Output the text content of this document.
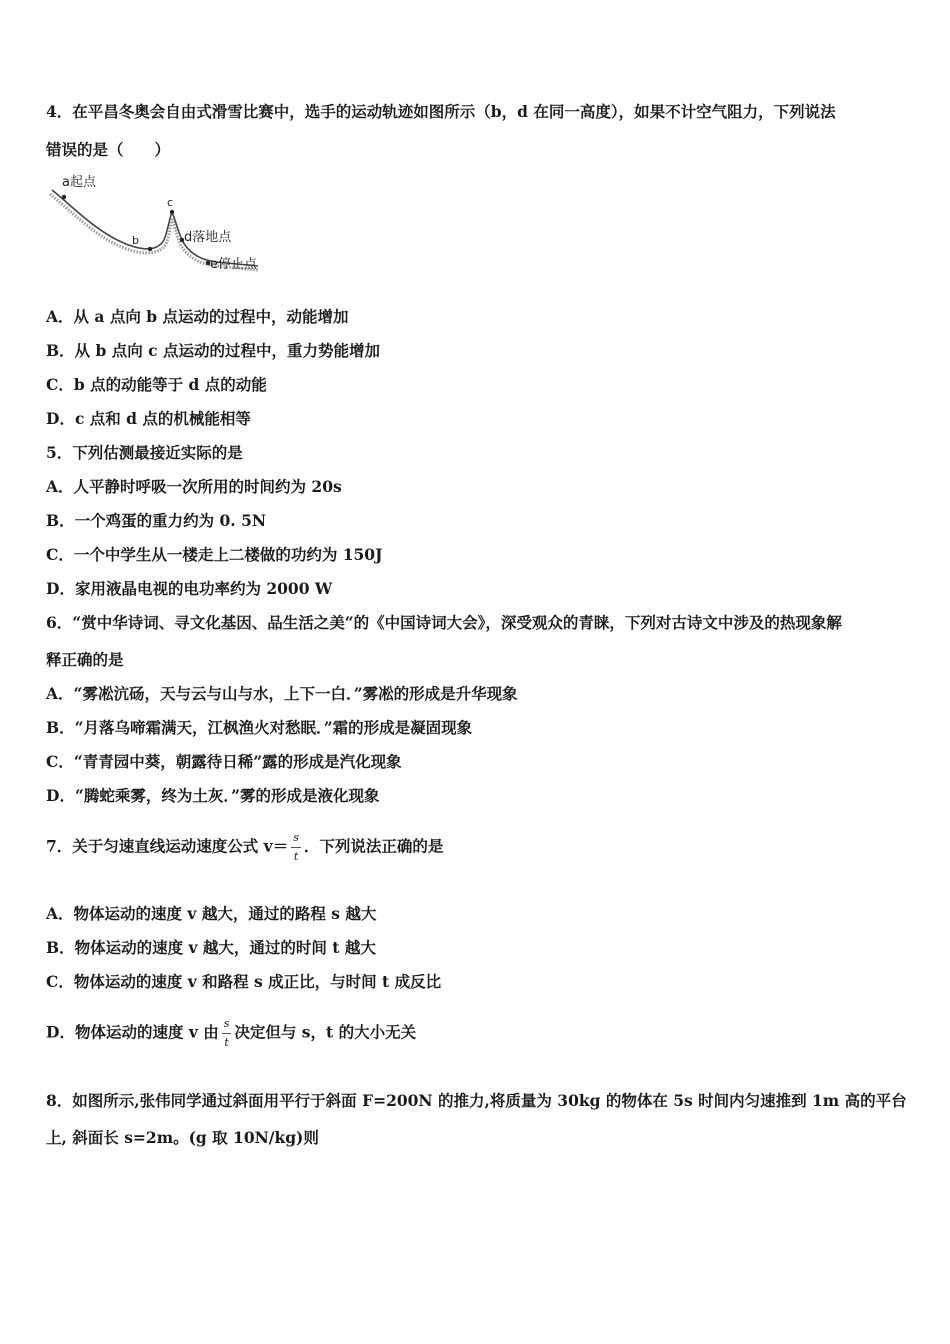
4．在平昌冬奥会自由式滑雪比赛中，选手的运动轨迹如图所示（b，d 在同一高度），如果不计空气阻力，下列说法
错误的是（　　）
a起点
b
c
d落地点
e停止点
A．从 a 点向 b 点运动的过程中，动能增加
B．从 b 点向 c 点运动的过程中，重力势能增加
C．b 点的动能等于 d 点的动能
D．c 点和 d 点的机械能相等
5．下列估测最接近实际的是
A．人平静时呼吸一次所用的时间约为 20s
B．一个鸡蛋的重力约为 0. 5N
C．一个中学生从一楼走上二楼做的功约为 150J
D．家用液晶电视的电功率约为 2000 W
6．“赏中华诗词、寻文化基因、品生活之美“的《中国诗词大会》，深受观众的青睐，下列对古诗文中涉及的热现象解
释正确的是
A．“雾凇沆砀，天与云与山与水，上下一白．”雾凇的形成是升华现象
B．“月落乌啼霜满天，江枫渔火对愁眠．”霜的形成是凝固现象
C．“青青园中葵，朝露待日稀”露的形成是汽化现象
D．“腾蛇乘雾，终为土灰．”雾的形成是液化现象
7．关于匀速直线运动速度公式 $v= \frac{s}{t}$ ．下列说法正确的是
A．物体运动的速度 v 越大，通过的路程 s 越大
B．物体运动的速度 v 越大，通过的时间 t 越大
C．物体运动的速度 v 和路程 s 成正比，与时间 t 成反比
D．物体运动的速度 v 由 $\frac{s}{t}$ 决定但与 s，t 的大小无关
8．如图所示,张伟同学通过斜面用平行于斜面 F=200N 的推力,将质量为 30kg 的物体在 5s 时间内匀速推到 1m 高的平台
上, 斜面长 s=2m。(g 取 10N/kg)则
